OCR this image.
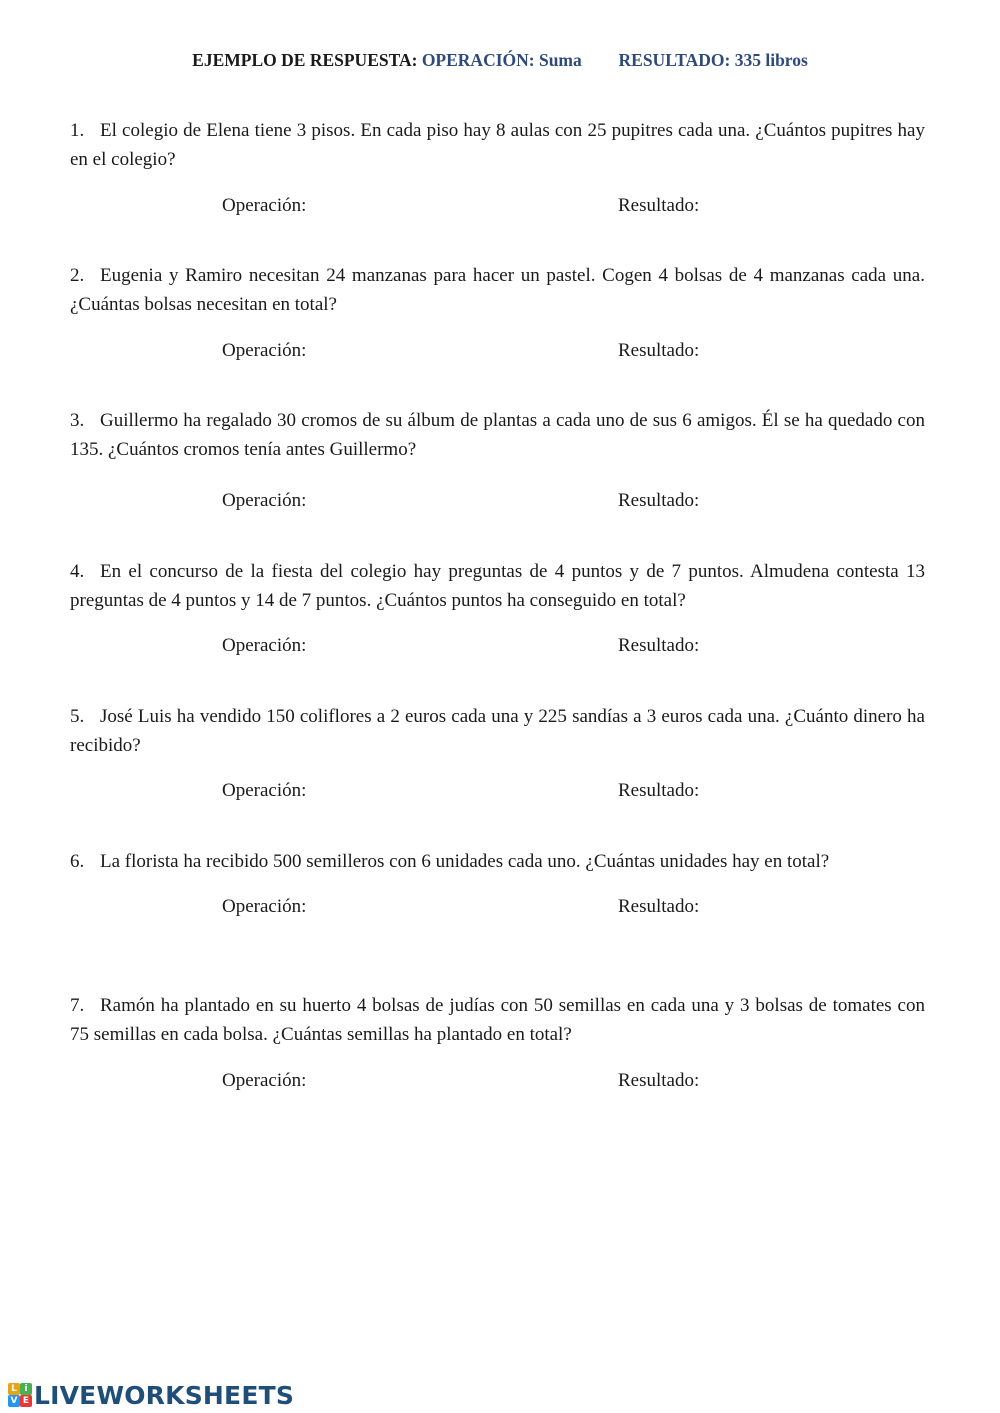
EJEMPLO DE RESPUESTA: OPERACIÓN: Suma RESULTADO: 335 libros
1. El colegio de Elena tiene 3 pisos. En cada piso hay 8 aulas con 25 pupitres cada una. ¿Cuántos pupitres hay en el colegio?
Operación:	Resultado:
2. Eugenia y Ramiro necesitan 24 manzanas para hacer un pastel. Cogen 4 bolsas de 4 manzanas cada una.¿Cuántas bolsas necesitan en total?
Operación:	Resultado:
3. Guillermo ha regalado 30 cromos de su álbum de plantas a cada uno de sus 6 amigos. Él se ha quedado con 135. ¿Cuántos cromos tenía antes Guillermo?
Operación:	Resultado:
4. En el concurso de la fiesta del colegio hay preguntas de 4 puntos y de 7 puntos. Almudena contesta 13 preguntas de 4 puntos y 14 de 7 puntos. ¿Cuántos puntos ha conseguido en total?
Operación:	Resultado:
5. José Luis ha vendido 150 coliflores a 2 euros cada una y 225 sandías a 3 euros cada una. ¿Cuánto dinero ha recibido?
Operación:	Resultado:
6. La florista ha recibido 500 semilleros con 6 unidades cada uno. ¿Cuántas unidades hay en total?
Operación:	Resultado:
7. Ramón ha plantado en su huerto 4 bolsas de judías con 50 semillas en cada una y 3 bolsas de tomates con 75 semillas en cada bolsa. ¿Cuántas semillas ha plantado en total?
Operación:	Resultado:
L i
V E LIVEWORKSHEETS
